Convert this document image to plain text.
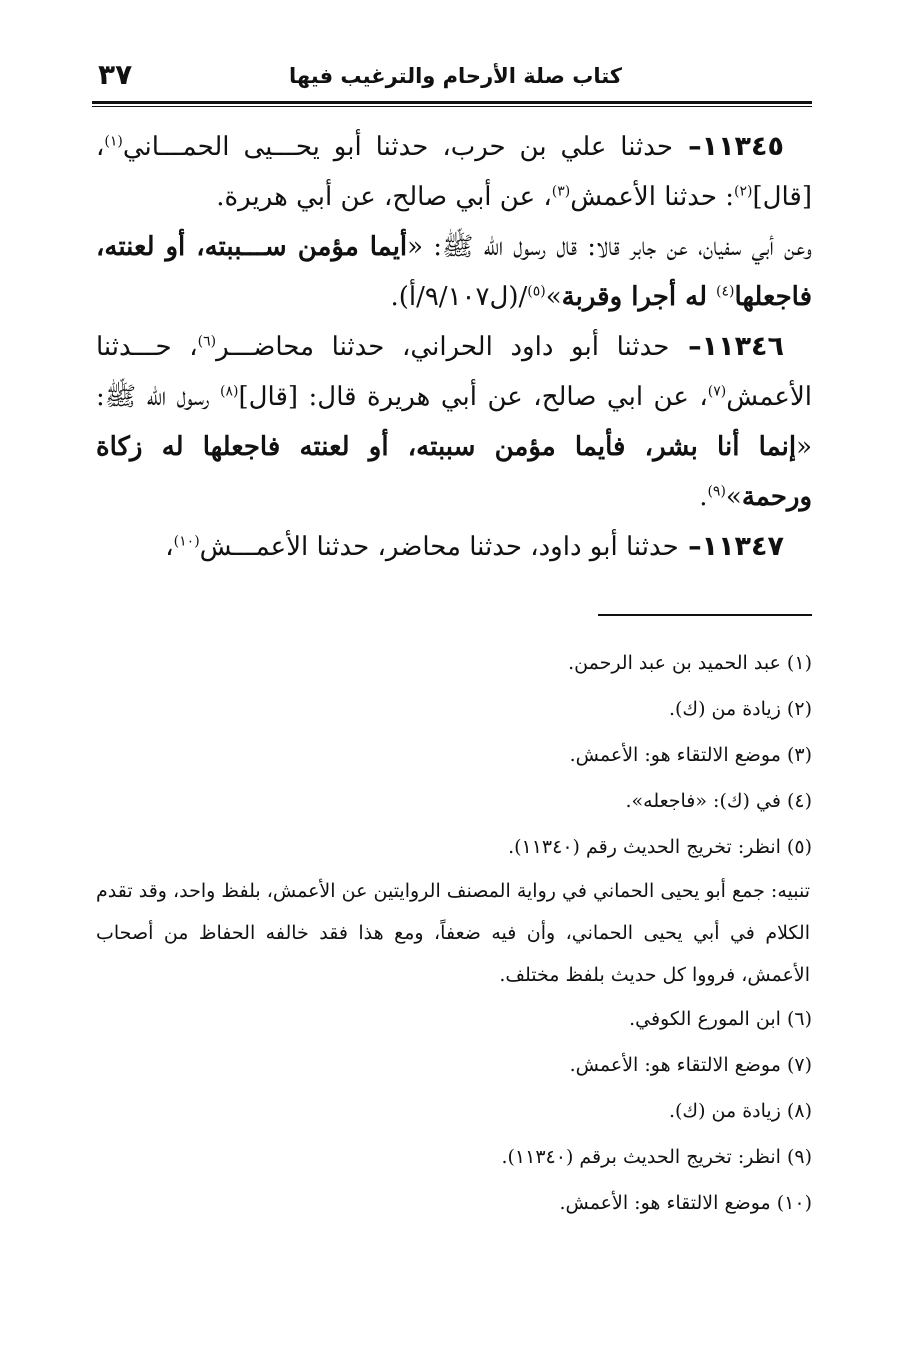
كتاب صلة الأرحام والترغيب فيها
٣٧

١١٣٤٥– حدثنا علي بن حرب، حدثنا أبو يحـــيى الحمـــاني$^{(١)}$، [قال]$^{(٢)}$: حدثنا الأعمش$^{(٣)}$، عن أبي صالح، عن أبي هريرة.

وعن أبي سفيان، عن جابر قالا: قال رسول الله ﷺ: «أيما مؤمن ســـببته، أو لعنته، فاجعلها$^{(٤)}$ له أجرا وقربة»$^{(٥)}$/(ل٩/١٠٧/أ).

١١٣٤٦– حدثنا أبو داود الحراني، حدثنا محاضـــر$^{(٦)}$، حـــدثنا الأعمش$^{(٧)}$، عن ابي صالح، عن أبي هريرة قال: [قال]$^{(٨)}$ رسول الله ﷺ: «إنما أنا بشر، فأيما مؤمن سببته، أو لعنته فاجعلها له زكاة ورحمة»$^{(٩)}$.

١١٣٤٧– حدثنا أبو داود، حدثنا محاضر، حدثنا الأعمـــش$^{(١٠)}$،

(١) عبد الحميد بن عبد الرحمن.

(٢) زيادة من (ك).

(٣) موضع الالتقاء هو: الأعمش.

(٤) في (ك): «فاجعله».

(٥) انظر: تخريج الحديث رقم (١١٣٤٠).

تنبيه: جمع أبو يحيى الحماني في رواية المصنف الروايتين عن الأعمش، بلفظ واحد، وقد تقدم الكلام في أبي يحيى الحماني، وأن فيه ضعفاً، ومع هذا فقد خالفه الحفاظ من أصحاب الأعمش، فرووا كل حديث بلفظ مختلف.

(٦) ابن المورع الكوفي.

(٧) موضع الالتقاء هو: الأعمش.

(٨) زيادة من (ك).

(٩) انظر: تخريج الحديث برقم (١١٣٤٠).

(١٠) موضع الالتقاء هو: الأعمش.
